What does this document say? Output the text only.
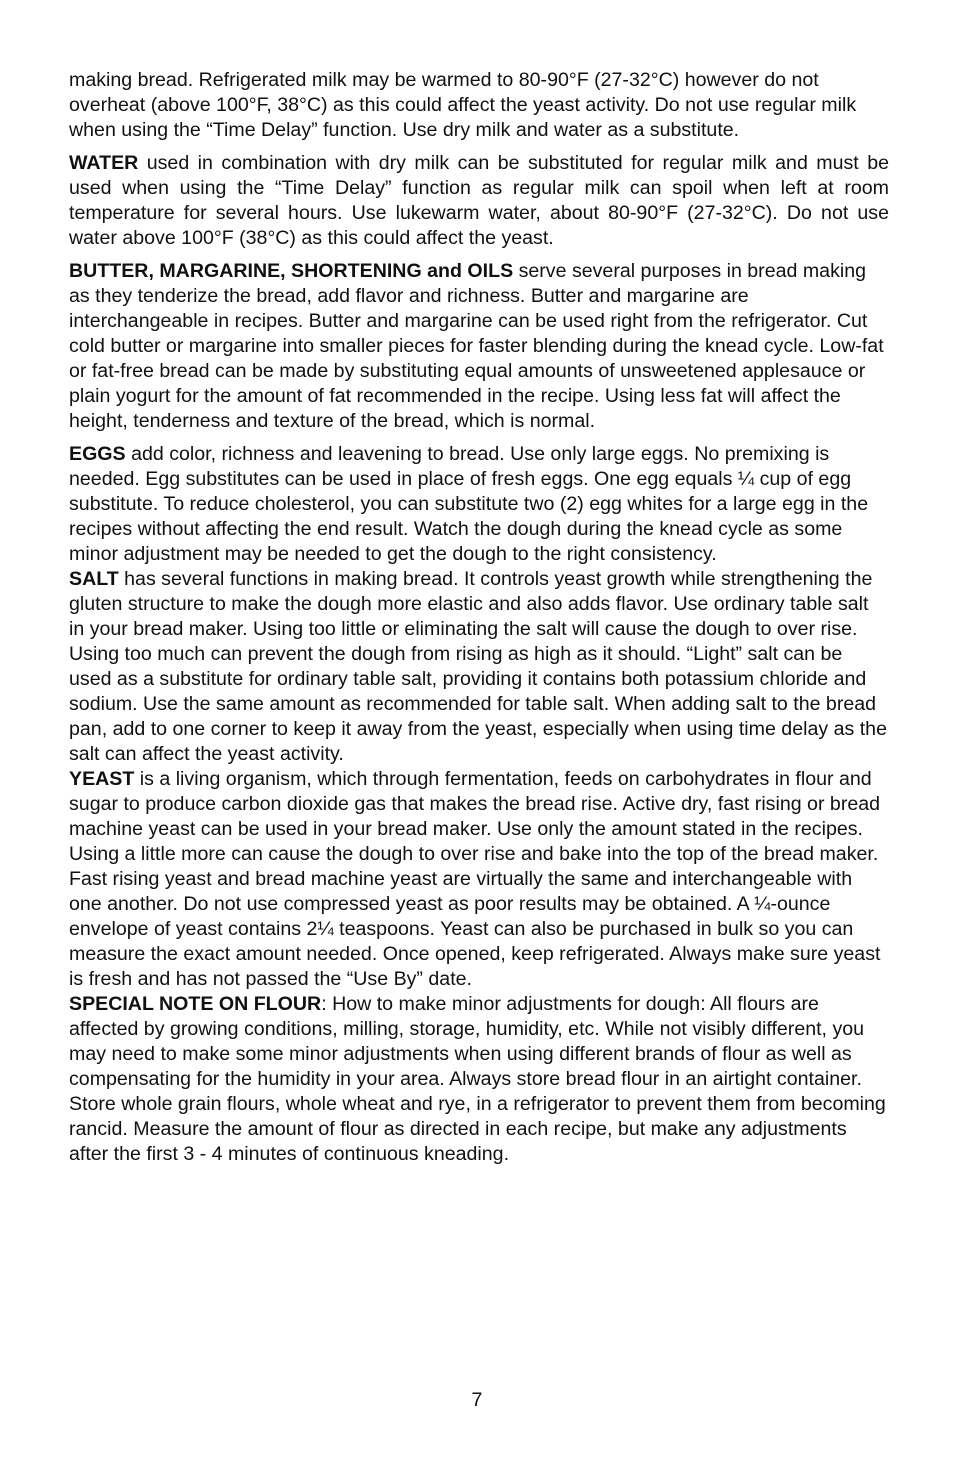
making bread. Refrigerated milk may be warmed to 80-90°F (27-32°C) however do not overheat (above 100°F, 38°C) as this could affect the yeast activity. Do not use regular milk when using the “Time Delay” function. Use dry milk and water as a substitute.

WATER used in combination with dry milk can be substituted for regular milk and must be used when using the “Time Delay” function as regular milk can spoil when left at room temperature for several hours. Use lukewarm water, about 80-90°F (27-32°C). Do not use water above 100°F (38°C) as this could affect the yeast.

BUTTER, MARGARINE, SHORTENING and OILS serve several purposes in bread making as they tenderize the bread, add flavor and richness. Butter and margarine are interchangeable in recipes. Butter and margarine can be used right from the refrigerator. Cut cold butter or margarine into smaller pieces for faster blending during the knead cycle. Low-fat or fat-free bread can be made by substituting equal amounts of unsweetened applesauce or plain yogurt for the amount of fat recommended in the recipe. Using less fat will affect the height, tenderness and texture of the bread, which is normal.

EGGS add color, richness and leavening to bread. Use only large eggs. No premixing is needed. Egg substitutes can be used in place of fresh eggs. One egg equals ¼ cup of egg substitute. To reduce cholesterol, you can substitute two (2) egg whites for a large egg in the recipes without affecting the end result. Watch the dough during the knead cycle as some minor adjustment may be needed to get the dough to the right consistency.

SALT has several functions in making bread. It controls yeast growth while strengthening the gluten structure to make the dough more elastic and also adds flavor. Use ordinary table salt in your bread maker. Using too little or eliminating the salt will cause the dough to over rise. Using too much can prevent the dough from rising as high as it should. “Light” salt can be used as a substitute for ordinary table salt, providing it contains both potassium chloride and sodium. Use the same amount as recommended for table salt. When adding salt to the bread pan, add to one corner to keep it away from the yeast, especially when using time delay as the salt can affect the yeast activity.

YEAST is a living organism, which through fermentation, feeds on carbohydrates in flour and sugar to produce carbon dioxide gas that makes the bread rise. Active dry, fast rising or bread machine yeast can be used in your bread maker. Use only the amount stated in the recipes. Using a little more can cause the dough to over rise and bake into the top of the bread maker. Fast rising yeast and bread machine yeast are virtually the same and interchangeable with one another. Do not use compressed yeast as poor results may be obtained. A ¼-ounce envelope of yeast contains 2¼ teaspoons. Yeast can also be purchased in bulk so you can measure the exact amount needed. Once opened, keep refrigerated. Always make sure yeast is fresh and has not passed the “Use By” date.

SPECIAL NOTE ON FLOUR: How to make minor adjustments for dough: All flours are affected by growing conditions, milling, storage, humidity, etc. While not visibly different, you may need to make some minor adjustments when using different brands of flour as well as compensating for the humidity in your area. Always store bread flour in an airtight container. Store whole grain flours, whole wheat and rye, in a refrigerator to prevent them from becoming rancid. Measure the amount of flour as directed in each recipe, but make any adjustments after the first 3 - 4 minutes of continuous kneading.

7
